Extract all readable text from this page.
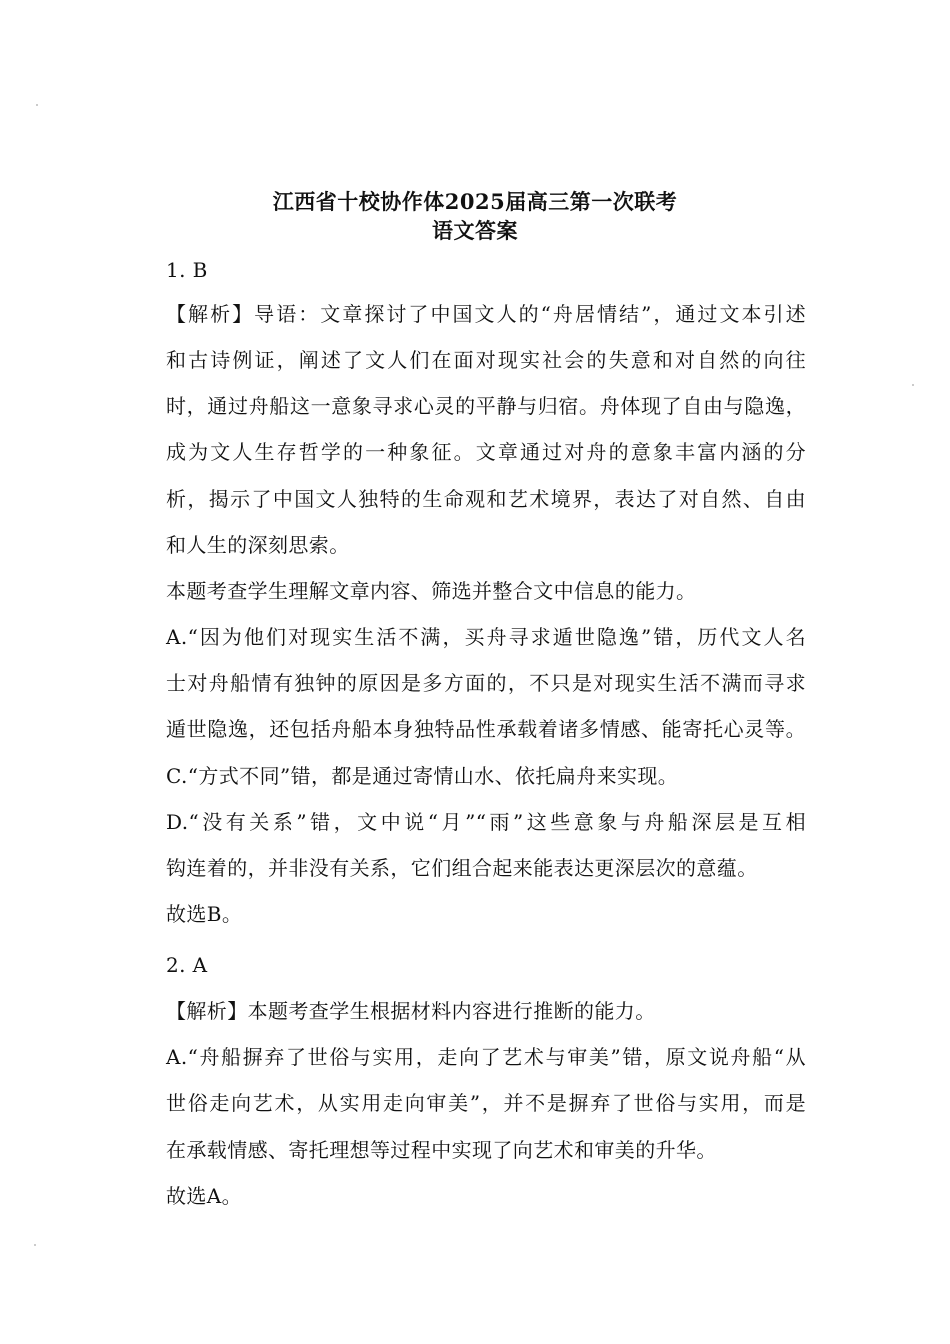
江西省十校协作体2025届高三第一次联考
语文答案
1. B
【解析】导语：文章探讨了中国文人的“舟居情结”，通过文本引述
和古诗例证，阐述了文人们在面对现实社会的失意和对自然的向往
时，通过舟船这一意象寻求心灵的平静与归宿。舟体现了自由与隐逸，
成为文人生存哲学的一种象征。文章通过对舟的意象丰富内涵的分
析，揭示了中国文人独特的生命观和艺术境界，表达了对自然、自由
和人生的深刻思索。
本题考查学生理解文章内容、筛选并整合文中信息的能力。
A.“因为他们对现实生活不满，买舟寻求遁世隐逸”错，历代文人名
士对舟船情有独钟的原因是多方面的，不只是对现实生活不满而寻求
遁世隐逸，还包括舟船本身独特品性承载着诸多情感、能寄托心灵等。
C.“方式不同”错，都是通过寄情山水、依托扁舟来实现。
D.“没有关系”错，文中说“月”“雨”这些意象与舟船深层是互相
钩连着的，并非没有关系，它们组合起来能表达更深层次的意蕴。
故选B。
2. A
【解析】本题考查学生根据材料内容进行推断的能力。
A.“舟船摒弃了世俗与实用，走向了艺术与审美”错，原文说舟船“从
世俗走向艺术，从实用走向审美”，并不是摒弃了世俗与实用，而是
在承载情感、寄托理想等过程中实现了向艺术和审美的升华。
故选A。
